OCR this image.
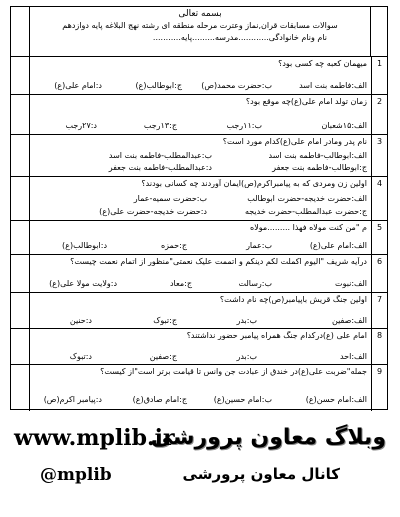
بسمه تعالی
سوالات مسابقات قران,نماز وعترت مرحله منطقه ای رشته نهج البلاغه پایه دوازدهم
نام ونام خانوادگی............مدرسه.........پایه...........
1
میهمان کعبه چه کسی بود؟
الف:فاطمه بنت اسد
ب:حضرت محمد(ص)
ج:ابوطالب(ع)
د:امام علی(ع)
2
زمان تولد امام علی(ع)چه موقع بود؟
الف:۱۵شعبان
ب:۱۱رجب
ج:۱۳رجب
د:۲۷رجب
3
نام پدر ومادر امام علی(ع)کدام مورد است؟
الف:ابوطالب-فاطمه بنت اسد
ب:عبدالمطلب-فاطمه بنت اسد
ج:ابوطالب-فاطمه بنت جعفر
د:عبدالمطلب-فاطمه بنت جعفر
4
اولین زن ومردی که به پیامبراکرم(ص)ایمان آوردند چه کسانی بودند؟
الف:حضرت خدیجه-حضرت ابوطالب
ب:حضرت سمیه-عمار
ج:حضرت عبدالمطلب-حضرت خدیجه
د:حضرت خدیجه-حضرت علی(ع)
5
م "من کنت مولاه فهذا .........مولاه
الف:امام علی(ع)
ب:عمار
ج:حمزه
د:ابوطالب(ع)
6
درآیه شریف "الیوم اکملت لکم دینکم و اتممت علیک نعمتی"منظور از اتمام نعمت چیست؟
الف:نبوت
ب:رسالت
ج:معاد
د:ولایت مولا علی(ع)
7
اولین جنگ قریش باپیامبر(ص)چه نام داشت؟
الف:صفین
ب:بدر
ج:تبوک
د:حنین
8
امام علی (ع)درکدام جنگ همراه پیامبر حضور نداشتند؟
الف:احد
ب:بدر
ج:صفین
د:تبوک
9
جمله"ضربت علی(ع)در خندق از عبادت جن وانس تا قیامت برتر است"از کیست؟
الف:امام حسن(ع)
ب:امام حسین(ع)
ج:امام صادق(ع)
د:پیامبر اکرم(ص)
وبلاگ معاون پرورشی
www.mplib.ir
کانال معاون پرورشی
@mplib
